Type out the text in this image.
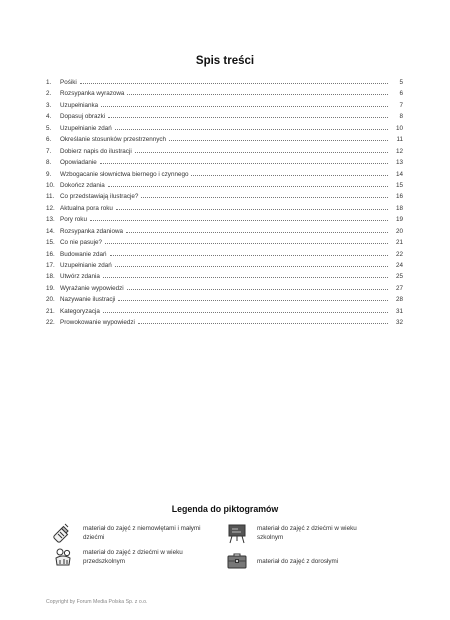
Spis treści
1.	Pośiki	5
2.	Rozsypanka wyrazowa	6
3.	Uzupełnianka	7
4.	Dopasuj obrazki	8
5.	Uzupełnianie zdań	10
6.	Określanie stosunków przestrzennych	11
7.	Dobierz napis do ilustracji	12
8.	Opowiadanie	13
9.	Wzbogacanie słownictwa biernego i czynnego	14
10. Dokończ zdania	15
11. Co przedstawiają ilustracje?	16
12. Aktualna pora roku	18
13. Pory roku	19
14. Rozsypanka zdaniowa	20
15. Co nie pasuje?	21
16. Budowanie zdań	22
17. Uzupełnianie zdań	24
18. Utwórz zdania	25
19. Wyrażanie wypowiedzi	27
20. Nazywanie ilustracji	28
21. Kategoryzacja	31
22. Prowokowanie wypowiedzi	32
Legenda do piktogramów
materiał do zajęć z niemowlętami i małymi dziećmi
materiał do zajęć z dziećmi w wieku szkolnym
materiał do zajęć z dziećmi w wieku przedszkolnym	materiał do zajęć z dorosłymi
Copyright by Forum Media Polska Sp. z o.o.
